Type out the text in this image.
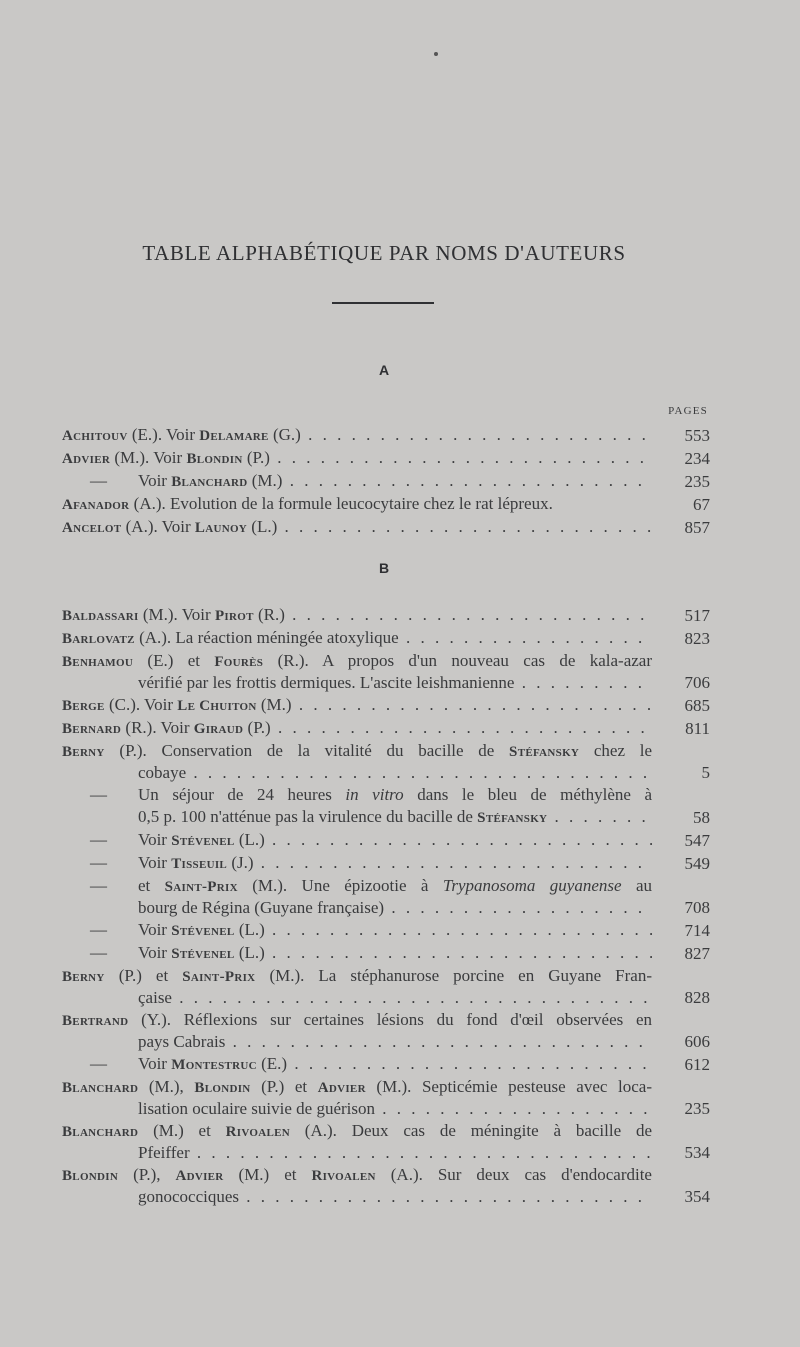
TABLE ALPHABÉTIQUE PAR NOMS D'AUTEURS
A
PAGES
Achitouv (E.). Voir Delamare (G.) . . .	553
Advier (M.). Voir Blondin (P.) . . .	234
— Voir Blanchard (M.) . . .	235
Afanador (A.). Evolution de la formule leucocytaire chez le rat lépreux.	67
Ancelot (A.). Voir Launoy (L.) . . .	857
B
Baldassari (M.). Voir Pirot (R.) . . .	517
Barlovatz (A.). La réaction méningée atoxylique . . .	823
Benhamou (E.) et Fourès (R.). A propos d'un nouveau cas de kala-azar
vérifié par les frottis dermiques. L'ascite leishmanienne . . .	706
Berge (C.). Voir Le Chuiton (M.) . . .	685
Bernard (R.). Voir Giraud (P.) . . .	811
Berny (P.). Conservation de la vitalité du bacille de Stéfansky chez le
cobaye . . .	5
— Un séjour de 24 heures in vitro dans le bleu de méthylène à
0,5 p. 100 n'atténue pas la virulence du bacille de Stéfansky . . .	58
— Voir Stévenel (L.) . . .	547
— Voir Tisseuil (J.) . . .	549
— et Saint-Prix (M.). Une épizootie à Trypanosoma guyanense au
bourg de Régina (Guyane française) . . .	708
— Voir Stévenel (L.) . . .	714
— Voir Stévenel (L.) . . .	827
Berny (P.) et Saint-Prix (M.). La stéphanurose porcine en Guyane Fran-
çaise . . .	828
Bertrand (Y.). Réflexions sur certaines lésions du fond d'œil observées en
pays Cabrais . . .	606
— Voir Montestruc (E.) . . .	612
Blanchard (M.), Blondin (P.) et Advier (M.). Septicémie pesteuse avec loca-
lisation oculaire suivie de guérison . . .	235
Blanchard (M.) et Rivoalen (A.). Deux cas de méningite à bacille de
Pfeiffer . . .	534
Blondin (P.), Advier (M.) et Rivoalen (A.). Sur deux cas d'endocardite
gonococciques . . .	354
